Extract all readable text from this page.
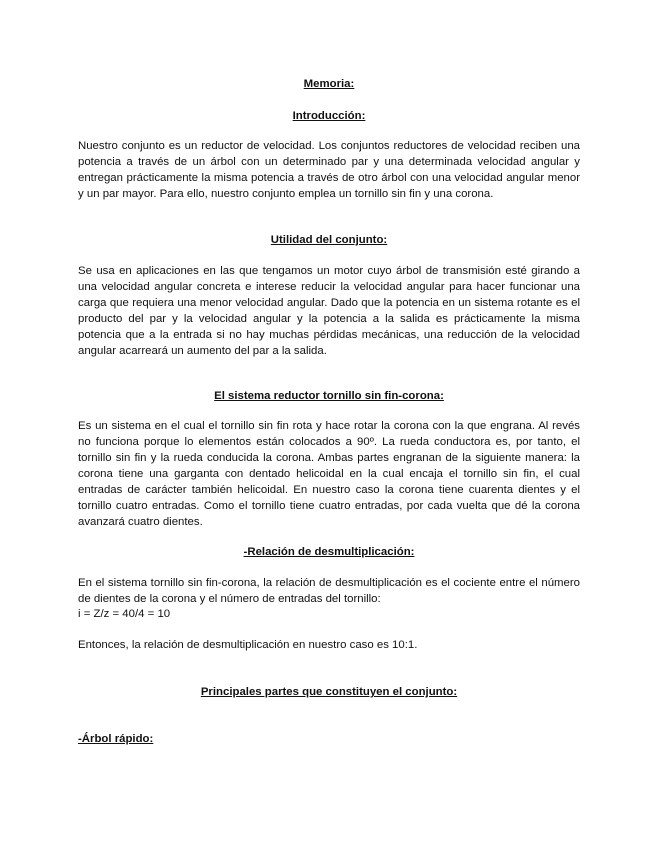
Memoria:

Introducción:

Nuestro conjunto es un reductor de velocidad. Los conjuntos reductores de velocidad reciben una potencia a través de un árbol con un determinado par y una determinada velocidad angular y entregan prácticamente la misma potencia a través de otro árbol con una velocidad angular menor y un par mayor. Para ello, nuestro conjunto emplea un tornillo sin fin y una corona.

Utilidad del conjunto:

Se usa en aplicaciones en las que tengamos un motor cuyo árbol de transmisión esté girando a una velocidad angular concreta e interese reducir la velocidad angular para hacer funcionar una carga que requiera una menor velocidad angular. Dado que la potencia en un sistema rotante es el producto del par y la velocidad angular y la potencia a la salida es prácticamente la misma potencia que a la entrada si no hay muchas pérdidas mecánicas, una reducción de la velocidad angular acarreará un aumento del par a la salida.

El sistema reductor tornillo sin fin-corona:

Es un sistema en el cual el tornillo sin fin rota y hace rotar la corona con la que engrana. Al revés no funciona porque lo elementos están colocados a 90º. La rueda conductora es, por tanto, el tornillo sin fin y la rueda conducida la corona. Ambas partes engranan de la siguiente manera: la corona tiene una garganta con dentado helicoidal en la cual encaja el tornillo sin fin, el cual entradas de carácter también helicoidal. En nuestro caso la corona tiene cuarenta dientes y el tornillo cuatro entradas. Como el tornillo tiene cuatro entradas, por cada vuelta que dé la corona avanzará cuatro dientes.

-Relación de desmultiplicación:

En el sistema tornillo sin fin-corona, la relación de desmultiplicación es el cociente entre el número de dientes de la corona y el número de entradas del tornillo:

i = Z/z = 40/4 = 10

Entonces, la relación de desmultiplicación en nuestro caso es 10:1.

Principales partes que constituyen el conjunto:

-Árbol rápido:
